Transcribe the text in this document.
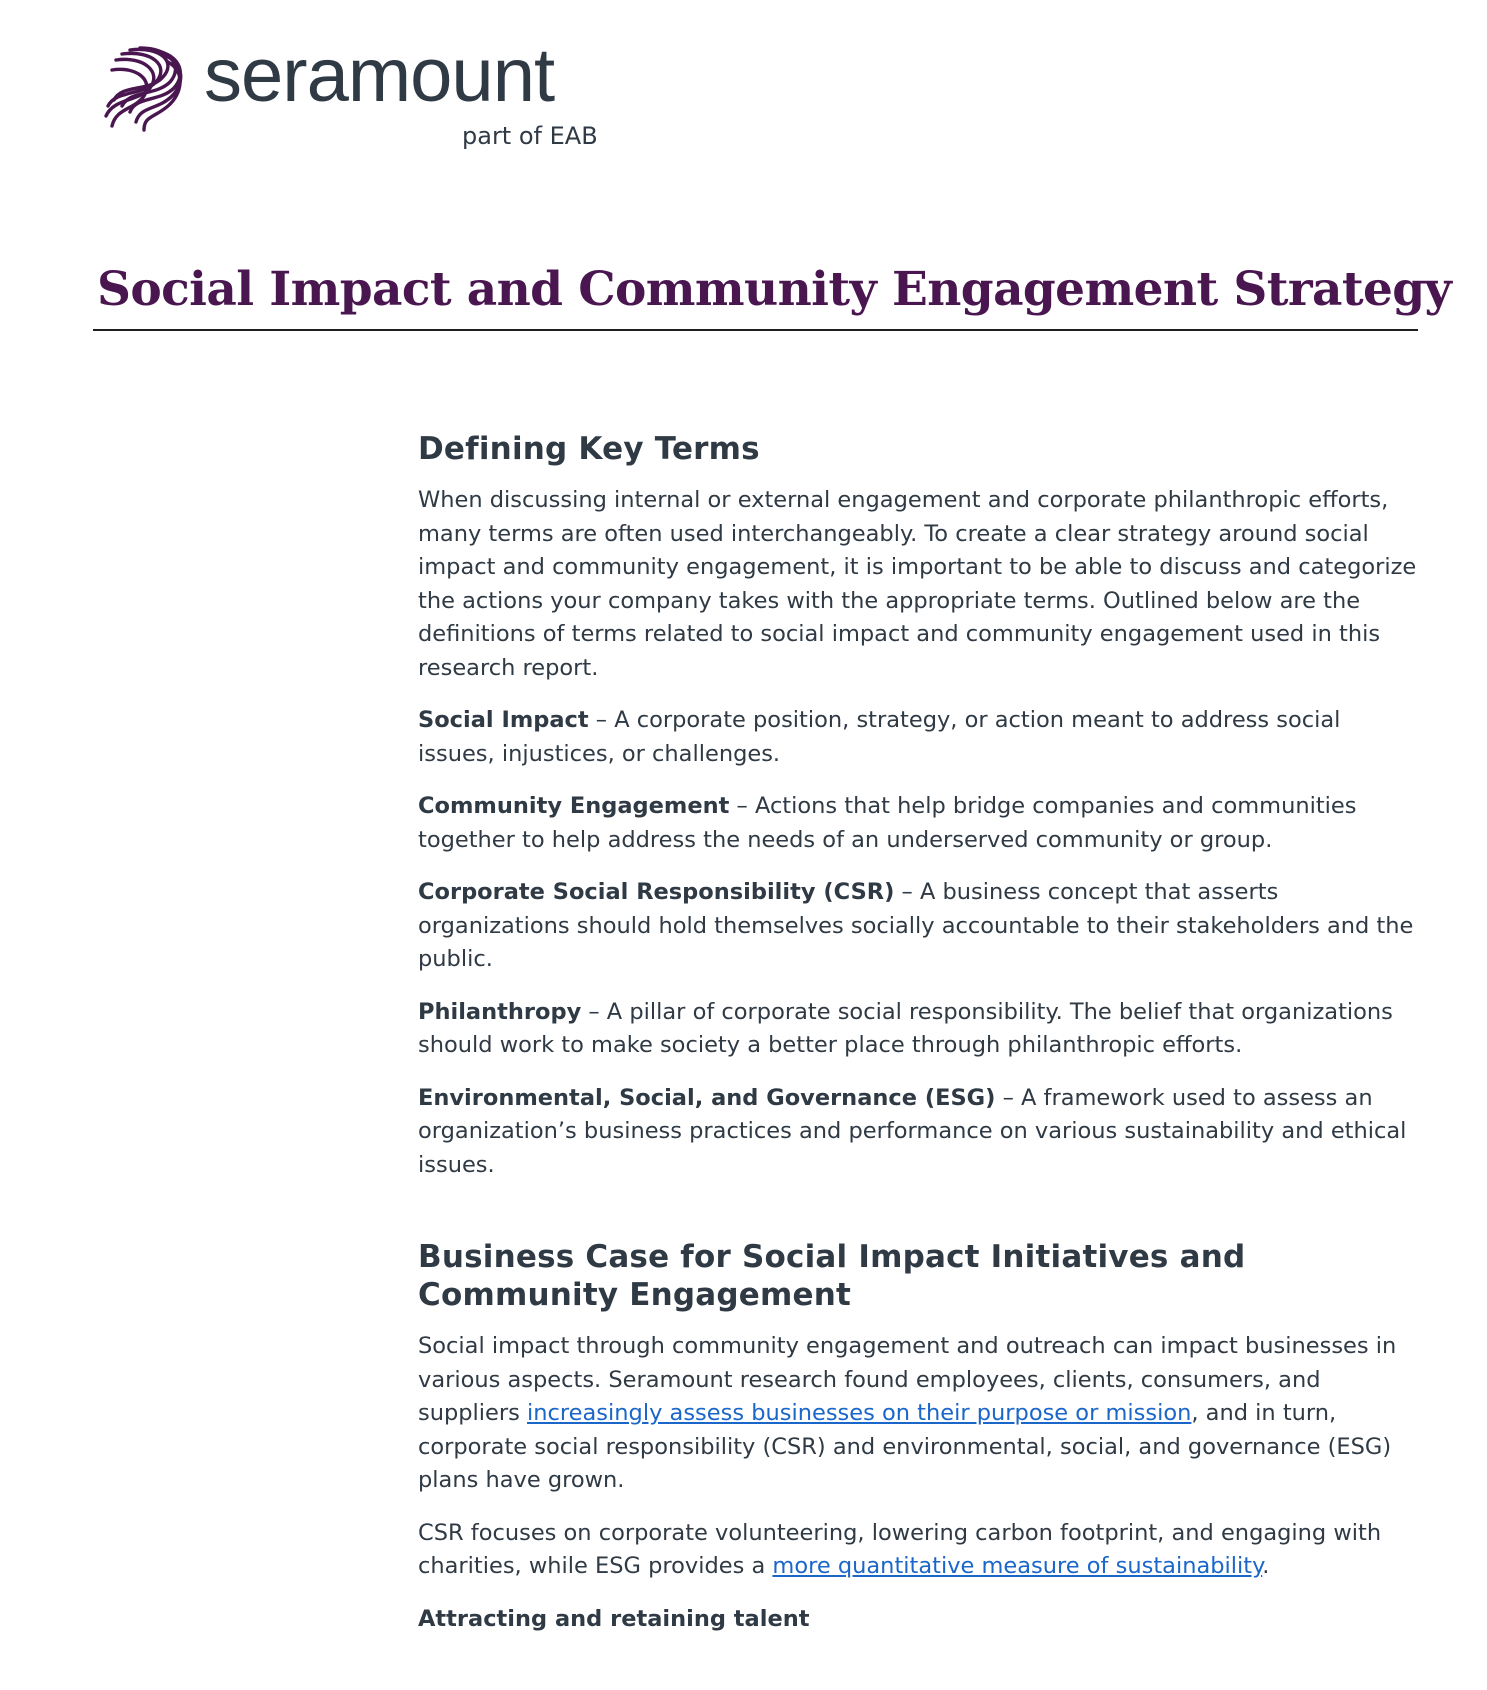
seramount
part of EAB
Social Impact and Community Engagement Strategy
Defining Key Terms

When discussing internal or external engagement and corporate philanthropic efforts, many terms are often used interchangeably. To create a clear strategy around social impact and community engagement, it is important to be able to discuss and categorize the actions your company takes with the appropriate terms. Outlined below are the definitions of terms related to social impact and community engagement used in this research report.

Social Impact – A corporate position, strategy, or action meant to address social issues, injustices, or challenges.

Community Engagement – Actions that help bridge companies and communities together to help address the needs of an underserved community or group.

Corporate Social Responsibility (CSR) – A business concept that asserts organizations should hold themselves socially accountable to their stakeholders and the public.

Philanthropy – A pillar of corporate social responsibility. The belief that organizations should work to make society a better place through philanthropic efforts.

Environmental, Social, and Governance (ESG) – A framework used to assess an organization’s business practices and performance on various sustainability and ethical issues.

Business Case for Social Impact Initiatives and Community Engagement

Social impact through community engagement and outreach can impact businesses in various aspects. Seramount research found employees, clients, consumers, and suppliers increasingly assess businesses on their purpose or mission, and in turn, corporate social responsibility (CSR) and environmental, social, and governance (ESG) plans have grown.

CSR focuses on corporate volunteering, lowering carbon footprint, and engaging with charities, while ESG provides a more quantitative measure of sustainability.

Attracting and retaining talent
